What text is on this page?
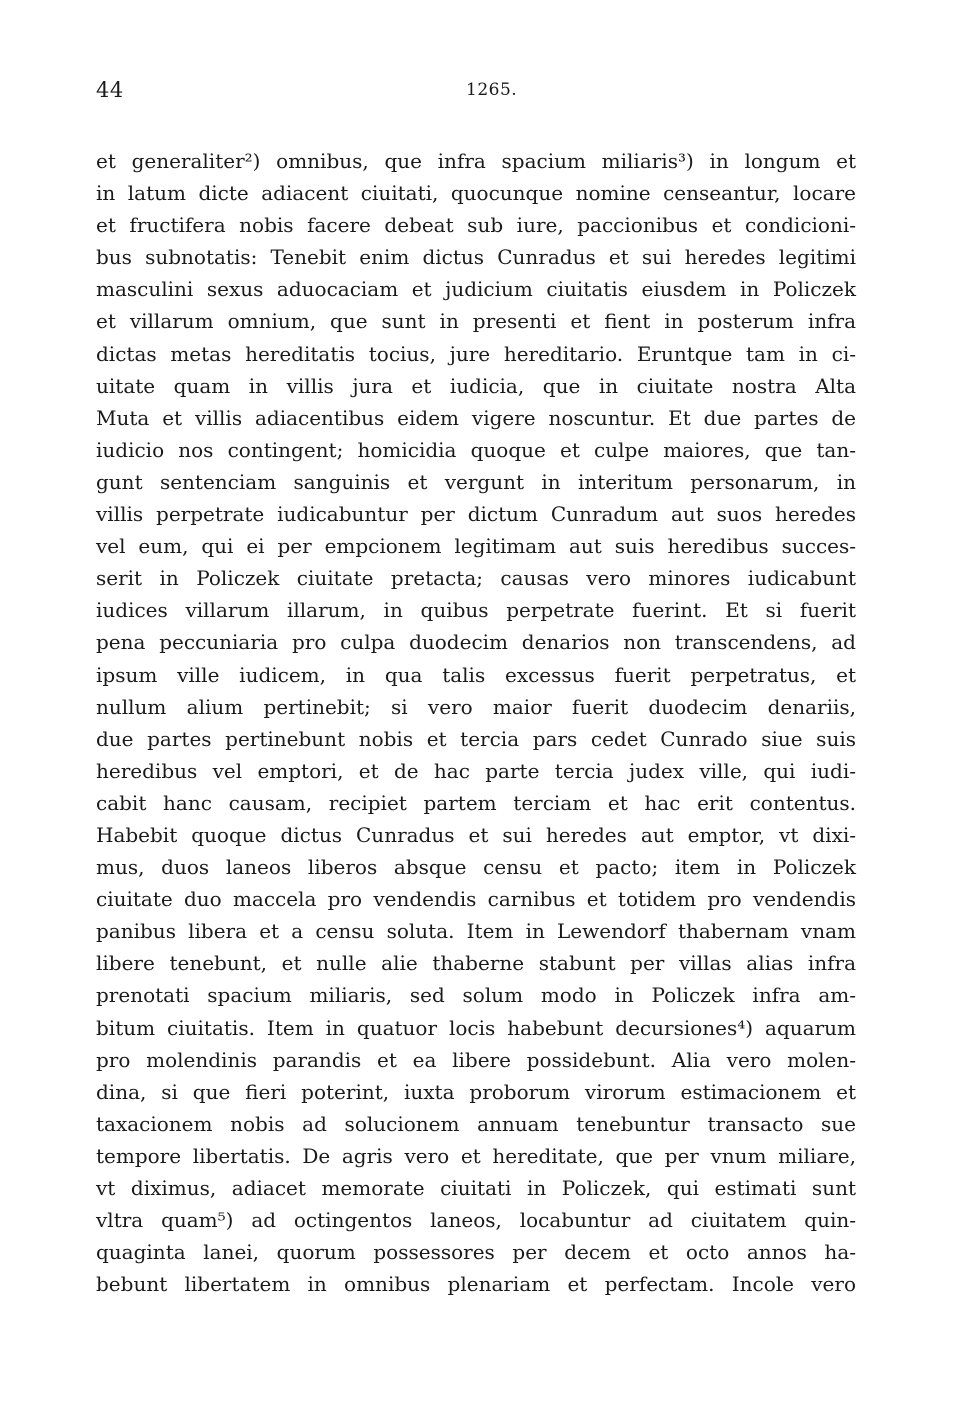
44	1265.
et generaliter²) omnibus, que infra spacium miliaris³) in longum et
in latum dicte adiacent ciuitati, quocunque nomine censeantur, locare
et fructifera nobis facere debeat sub iure, paccionibus et condicioni-
bus subnotatis: Tenebit enim dictus Cunradus et sui heredes legitimi
masculini sexus aduocaciam et judicium ciuitatis eiusdem in Policzek
et villarum omnium, que sunt in presenti et fient in posterum infra
dictas metas hereditatis tocius, jure hereditario. Eruntque tam in ci-
uitate quam in villis jura et iudicia, que in ciuitate nostra Alta
Muta et villis adiacentibus eidem vigere noscuntur. Et due partes de
iudicio nos contingent; homicidia quoque et culpe maiores, que tan-
gunt sentenciam sanguinis et vergunt in interitum personarum, in
villis perpetrate iudicabuntur per dictum Cunradum aut suos heredes
vel eum, qui ei per empcionem legitimam aut suis heredibus succes-
serit in Policzek ciuitate pretacta; causas vero minores iudicabunt
iudices villarum illarum, in quibus perpetrate fuerint. Et si fuerit
pena peccuniaria pro culpa duodecim denarios non transcendens, ad
ipsum ville iudicem, in qua talis excessus fuerit perpetratus, et
nullum alium pertinebit; si vero maior fuerit duodecim denariis,
due partes pertinebunt nobis et tercia pars cedet Cunrado siue suis
heredibus vel emptori, et de hac parte tercia judex ville, qui iudi-
cabit hanc causam, recipiet partem terciam et hac erit contentus.
Habebit quoque dictus Cunradus et sui heredes aut emptor, vt dixi-
mus, duos laneos liberos absque censu et pacto; item in Policzek
ciuitate duo maccela pro vendendis carnibus et totidem pro vendendis
panibus libera et a censu soluta. Item in Lewendorf thabernam vnam
libere tenebunt, et nulle alie thaberne stabunt per villas alias infra
prenotati spacium miliaris, sed solum modo in Policzek infra am-
bitum ciuitatis. Item in quatuor locis habebunt decursiones⁴) aquarum
pro molendinis parandis et ea libere possidebunt. Alia vero molen-
dina, si que fieri poterint, iuxta proborum virorum estimacionem et
taxacionem nobis ad solucionem annuam tenebuntur transacto sue
tempore libertatis. De agris vero et hereditate, que per vnum miliare,
vt diximus, adiacet memorate ciuitati in Policzek, qui estimati sunt
vltra quam⁵) ad octingentos laneos, locabuntur ad ciuitatem quin-
quaginta lanei, quorum possessores per decem et octo annos ha-
bebunt libertatem in omnibus plenariam et perfectam. Incole vero
